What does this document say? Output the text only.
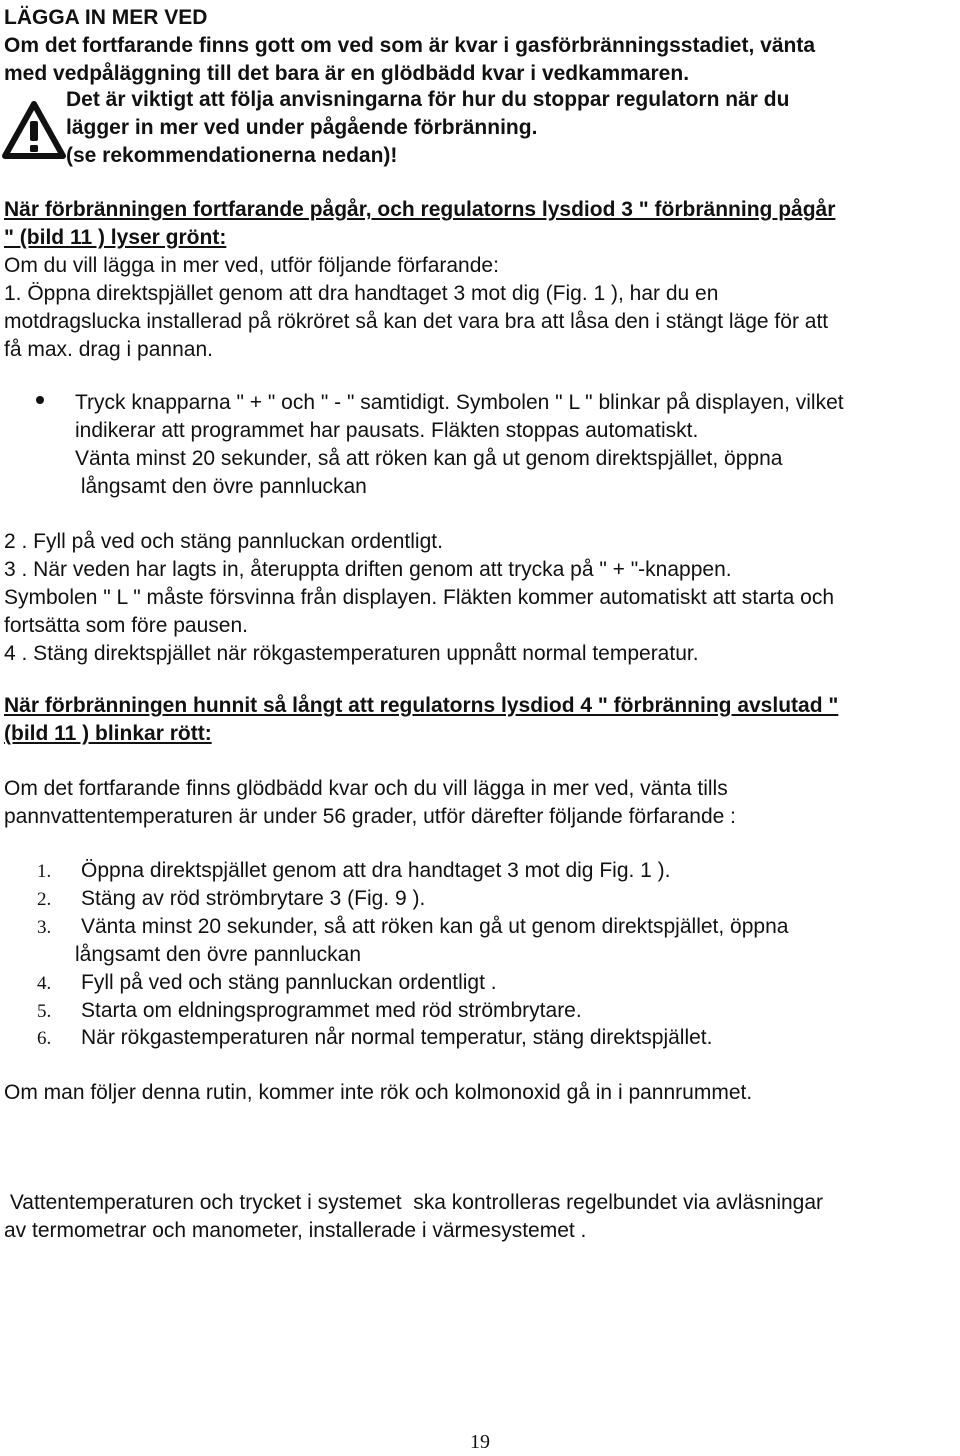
LÄGGA IN MER VED
Om det fortfarande finns gott om ved som är kvar i gasförbränningsstadiet, vänta
med vedpåläggning till det bara är en glödbädd kvar i vedkammaren.
Det är viktigt att följa anvisningarna för hur du stoppar regulatorn när du
lägger in mer ved under pågående förbränning.
(se rekommendationerna nedan)!
När förbränningen fortfarande pågår, och regulatorns lysdiod 3 " förbränning pågår
" (bild 11 ) lyser grönt:
Om du vill lägga in mer ved, utför följande förfarande:
1. Öppna direktspjället genom att dra handtaget 3 mot dig (Fig. 1 ), har du en
motdragslucka installerad på rökröret så kan det vara bra att låsa den i stängt läge för att
få max. drag i pannan.
Tryck knapparna " + " och " - " samtidigt. Symbolen " L " blinkar på displayen, vilket
indikerar att programmet har pausats. Fläkten stoppas automatiskt.
Vänta minst 20 sekunder, så att röken kan gå ut genom direktspjället, öppna
långsamt den övre pannluckan
2 . Fyll på ved och stäng pannluckan ordentligt.
3 . När veden har lagts in, återuppta driften genom att trycka på " + "-knappen.
Symbolen " L " måste försvinna från displayen. Fläkten kommer automatiskt att starta och
fortsätta som före pausen.
4 . Stäng direktspjället när rökgastemperaturen uppnått normal temperatur.
När förbränningen hunnit så långt att regulatorns lysdiod 4 " förbränning avslutad "
(bild 11 ) blinkar rött:
Om det fortfarande finns glödbädd kvar och du vill lägga in mer ved, vänta tills
pannvattentemperaturen är under 56 grader, utför därefter följande förfarande :
1. Öppna direktspjället genom att dra handtaget 3 mot dig Fig. 1 ).
2. Stäng av röd strömbrytare 3 (Fig. 9 ).
3. Vänta minst 20 sekunder, så att röken kan gå ut genom direktspjället, öppna
långsamt den övre pannluckan
4. Fyll på ved och stäng pannluckan ordentligt .
5. Starta om eldningsprogrammet med röd strömbrytare.
6. När rökgastemperaturen når normal temperatur, stäng direktspjället.
Om man följer denna rutin, kommer inte rök och kolmonoxid gå in i pannrummet.
Vattentemperaturen och trycket i systemet  ska kontrolleras regelbundet via avläsningar
av termometrar och manometer, installerade i värmesystemet .
19
